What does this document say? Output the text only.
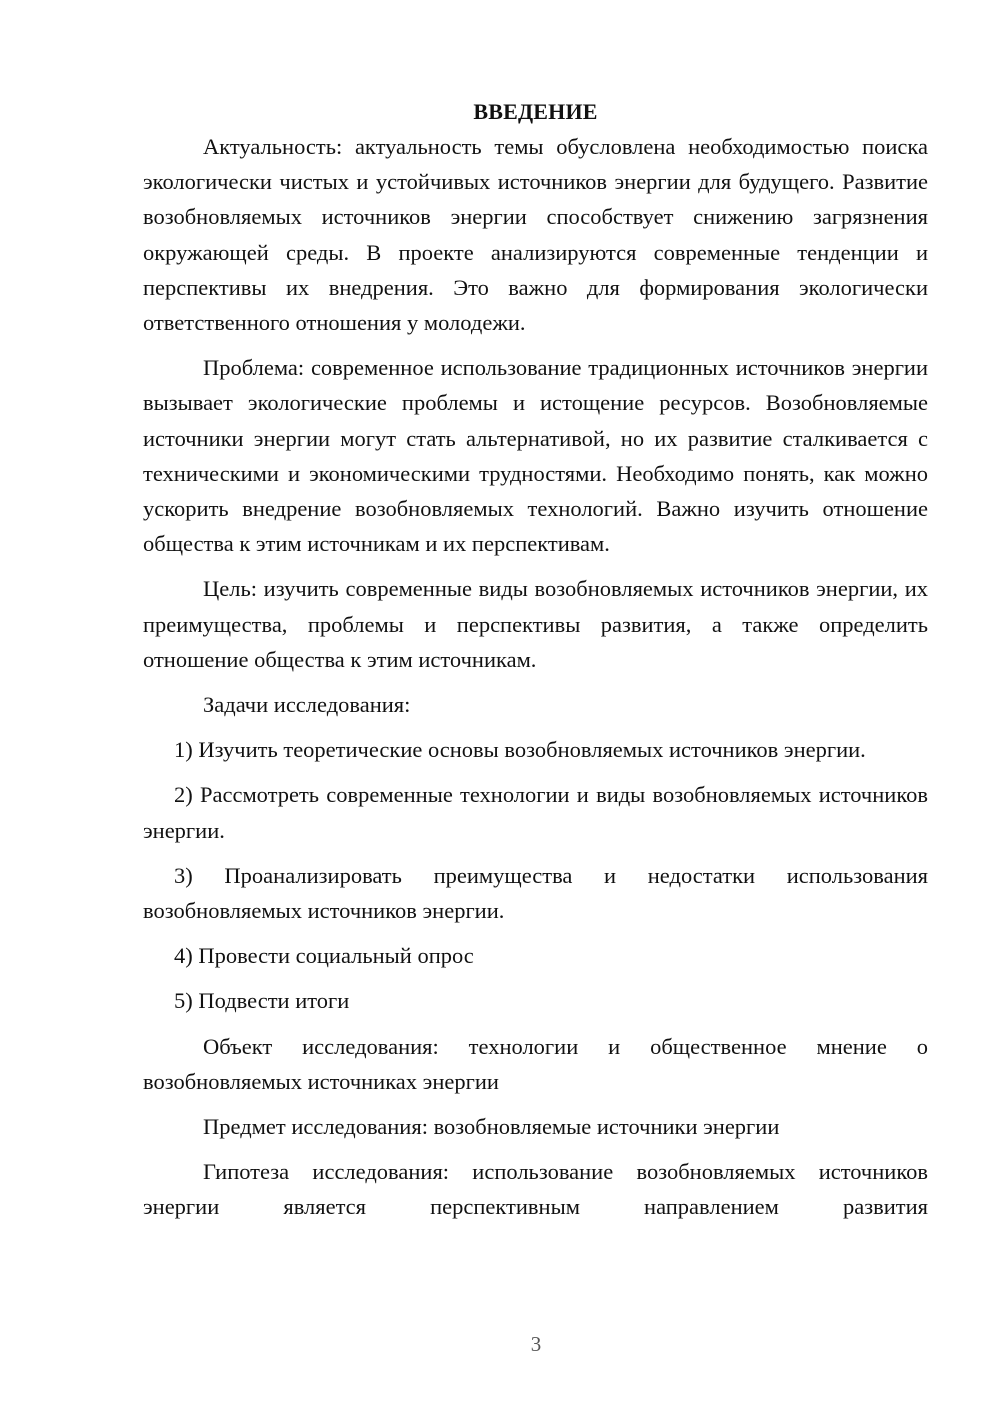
ВВЕДЕНИЕ

Актуальность: актуальность темы обусловлена необходимостью поиска экологически чистых и устойчивых источников энергии для будущего. Развитие возобновляемых источников энергии способствует снижению загрязнения окружающей среды. В проекте анализируются современные тенденции и перспективы их внедрения. Это важно для формирования экологически ответственного отношения у молодежи.

Проблема: современное использование традиционных источников энергии вызывает экологические проблемы и истощение ресурсов. Возобновляемые источники энергии могут стать альтернативой, но их развитие сталкивается с техническими и экономическими трудностями. Необходимо понять, как можно ускорить внедрение возобновляемых технологий. Важно изучить отношение общества к этим источникам и их перспективам.

Цель: изучить современные виды возобновляемых источников энергии, их преимущества, проблемы и перспективы развития, а также определить отношение общества к этим источникам.

Задачи исследования:

1) Изучить теоретические основы возобновляемых источников энергии.

2) Рассмотреть современные технологии и виды возобновляемых источников энергии.

3) Проанализировать преимущества и недостатки использования возобновляемых источников энергии.

4) Провести социальный опрос

5) Подвести итоги

Объект исследования: технологии и общественное мнение о возобновляемых источниках энергии

Предмет исследования: возобновляемые источники энергии

Гипотеза исследования: использование возобновляемых источников энергии является перспективным направлением развития

3
